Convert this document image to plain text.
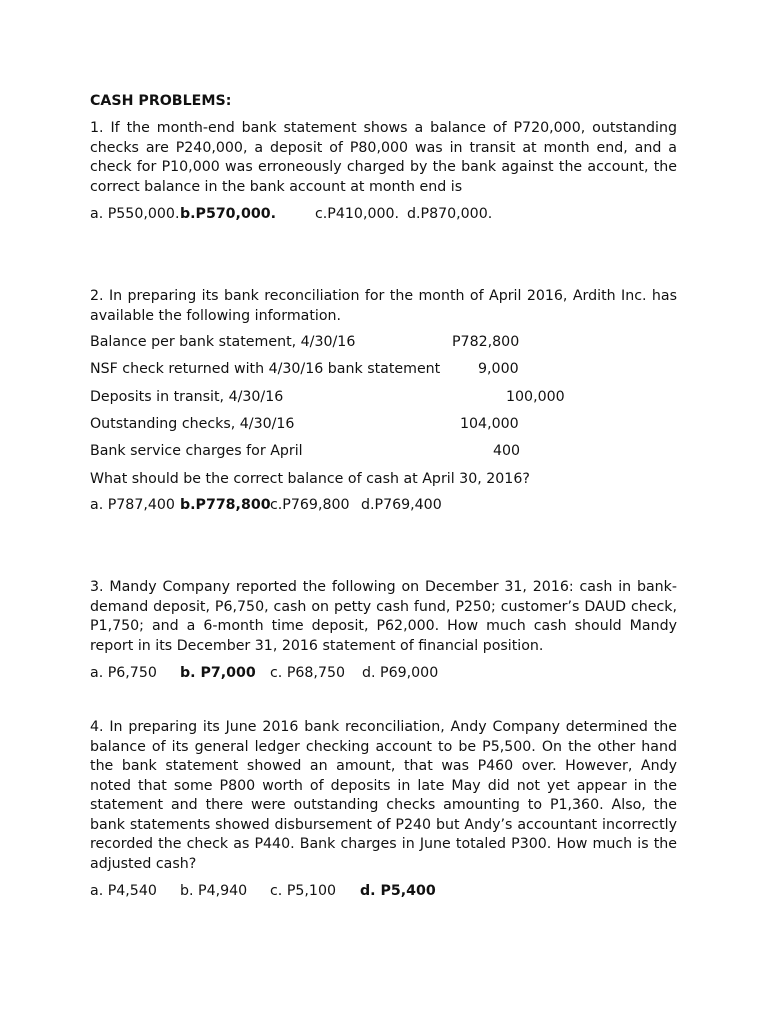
CASH PROBLEMS:

1. If the month-end bank statement shows a balance of P720,000, outstanding checks are P240,000, a deposit of P80,000 was in transit at month end, and a check for P10,000 was erroneously charged by the bank against the account, the correct balance in the bank account at month end is

a. P550,000. b.P570,000.	c.P410,000. d.P870,000.

2. In preparing its bank reconciliation for the month of April 2016, Ardith Inc. has available the following information.

Balance per bank statement, 4/30/16	P782,800
NSF check returned with 4/30/16 bank statement	9,000
Deposits in transit, 4/30/16	100,000
Outstanding checks, 4/30/16	104,000
Bank service charges for April	400
What should be the correct balance of cash at April 30, 2016?
a. P787,400 b.P778,800 c.P769,800 d.P769,400

3. Mandy Company reported the following on December 31, 2016: cash in bank-demand deposit, P6,750, cash on petty cash fund, P250; customer’s DAUD check, P1,750; and a 6-month time deposit, P62,000. How much cash should Mandy report in its December 31, 2016 statement of financial position.

a. P6,750 b. P7,000 c. P68,750 d. P69,000

4. In preparing its June 2016 bank reconciliation, Andy Company determined the balance of its general ledger checking account to be P5,500. On the other hand the bank statement showed an amount, that was P460 over. However, Andy noted that some P800 worth of deposits in late May did not yet appear in the statement and there were outstanding checks amounting to P1,360. Also, the bank statements showed disbursement of P240 but Andy’s accountant incorrectly recorded the check as P440. Bank charges in June totaled P300. How much is the adjusted cash?

a. P4,540 b. P4,940 c. P5,100 d. P5,400
